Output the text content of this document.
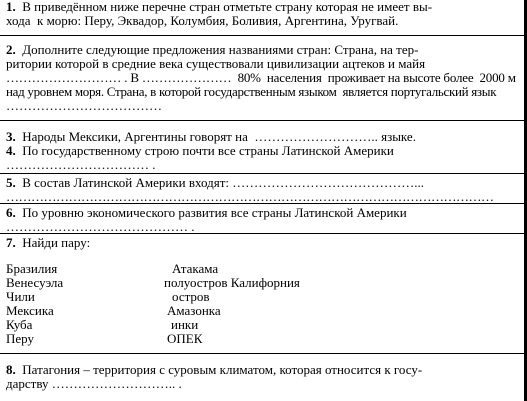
1. В приведённом ниже перечне стран отметьте страну которая не имеет вы-
хода  к морю: Перу, Эквадор, Колумбия, Боливия, Аргентина, Уругвай.
2. Дополните следующие предложения названиями стран: Страна, на тер-
ритории которой в средние века существовали цивилизации ацтеков и майя
……………………… . В …………………  80%  населения  проживает на высоте более  2000 м
над уровнем моря. Страна, в которой государственным языком  является португальский язык
………………………………
3. Народы Мексики, Аргентины говорят на  ……………………….. языке.
4. По государственному строю почти все страны Латинской Америки
…………………………… .
5. В состав Латинской Америки входят: ……………………………………...
………………………………………………………………………………………………………
6. По уровню экономического развития все страны Латинской Америки
…………………………………… .
7. Найди пару:
Бразилия	Атакама
Венесуэла	полуостров Калифорния
Чили	остров
Мексика	Амазонка
Куба	инки
Перу	ОПЕК
8. Патагония – территория с суровым климатом, которая относится к госу-
дарству ……………………….. .
